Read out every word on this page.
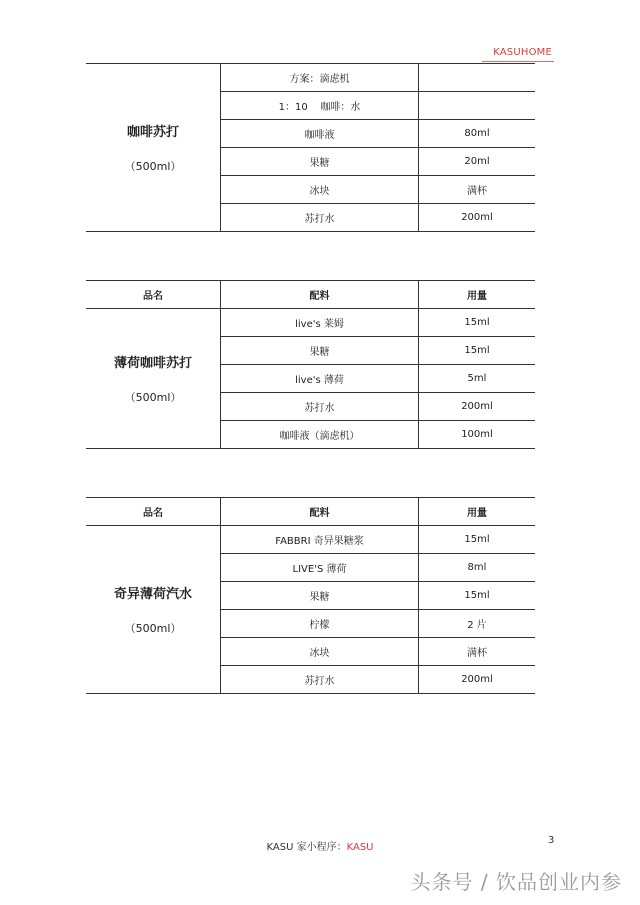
KASUHOME
咖啡苏打
（500ml）	方案：滴虑机	
	1：10    咖啡：水	
	咖啡液	80ml
	果糖	20ml
	冰块	满杯
	苏打水	200ml
品名	配料	用量

薄荷咖啡苏打
（500ml）	live's 莱姆	15ml
	果糖	15ml
	live's 薄荷	5ml
	苏打水	200ml
	咖啡液（滴虑机）	100ml
品名	配料	用量

奇异薄荷汽水
（500ml）	FABBRI 奇异果糖浆	15ml
	LIVE'S 薄荷	8ml
	果糖	15ml
	柠檬	2 片
	冰块	满杯
	苏打水	200ml
KASU 家小程序：KASU
3
头条号 / 饮品创业内参
